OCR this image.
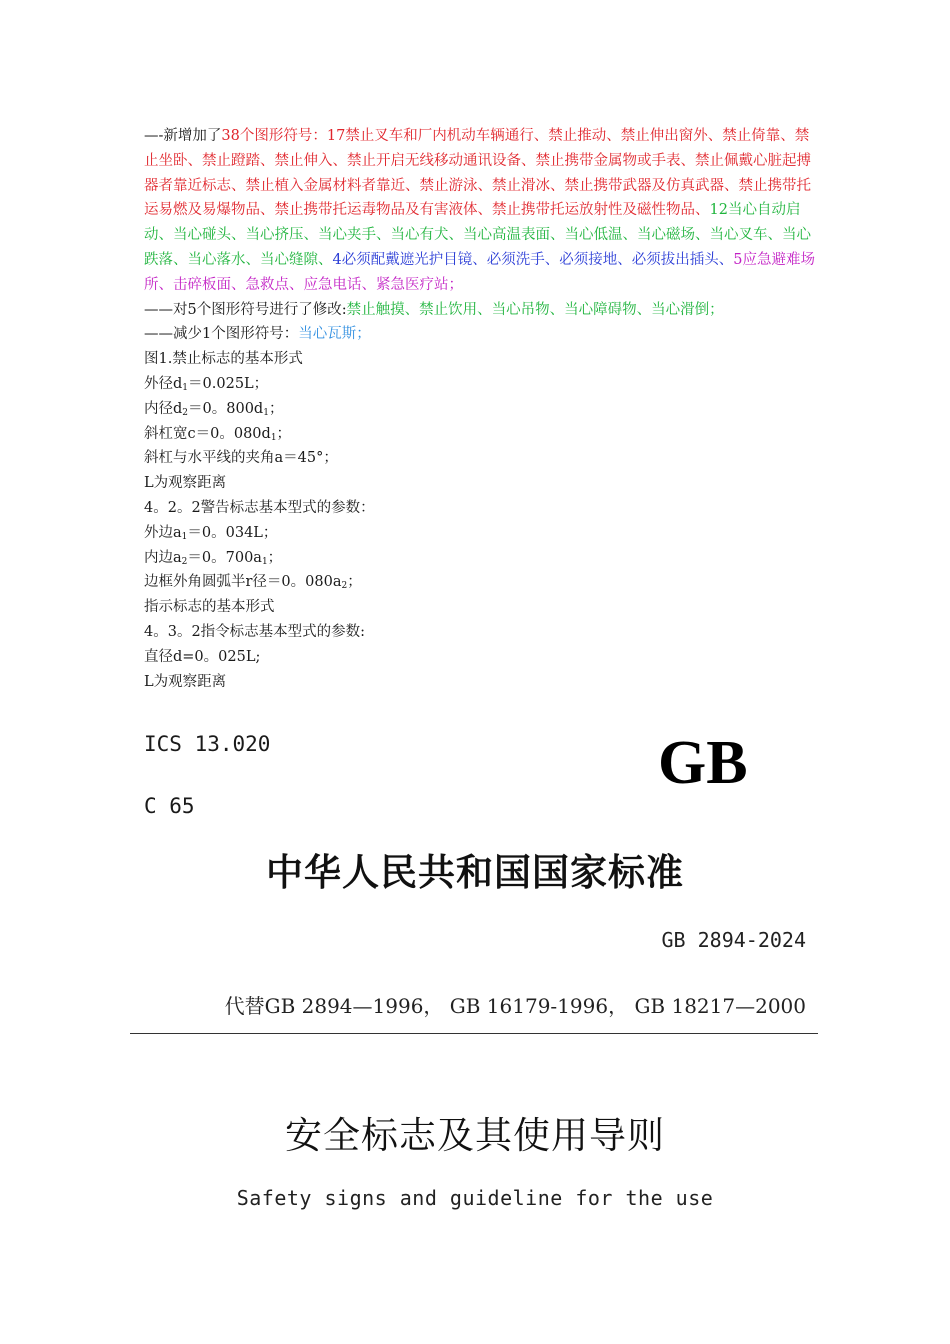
—-新增加了38个图形符号：17禁止叉车和厂内机动车辆通行、禁止推动、禁止伸出窗外、禁止倚靠、禁止坐卧、禁止蹬踏、禁止伸入、禁止开启无线移动通讯设备、禁止携带金属物或手表、禁止佩戴心脏起搏器者靠近标志、禁止植入金属材料者靠近、禁止游泳、禁止滑冰、禁止携带武器及仿真武器、禁止携带托运易燃及易爆物品、禁止携带托运毒物品及有害液体、禁止携带托运放射性及磁性物品、12当心自动启动、当心碰头、当心挤压、当心夹手、当心有犬、当心高温表面、当心低温、当心磁场、当心叉车、当心跌落、当心落水、当心缝隙、4必须配戴遮光护目镜、必须洗手、必须接地、必须拔出插头、5应急避难场所、击碎板面、急救点、应急电话、紧急医疗站；

——对5个图形符号进行了修改:禁止触摸、禁止饮用、当心吊物、当心障碍物、当心滑倒；

——减少1个图形符号：当心瓦斯；

图1.禁止标志的基本形式

外径$d_1=0.025L$；

内径$d_2=0$。$800d_1$；

斜杠宽c＝0。$080d_1$；

斜杠与水平线的夹角a＝45°；

L为观察距离

4。2。2警告标志基本型式的参数：

外边$a_1=0$。034L；

内边$a_2=0$。$700a_1$；

边框外角圆弧半r径＝0。$080a_2$；

指示标志的基本形式

4。3。2指令标志基本型式的参数:

直径d=0。025L;

L为观察距离

ICS 13.020	GB
C 65
中华人民共和国国家标准
GB 2894-2024
代替GB 2894—1996， GB 16179-1996， GB 18217—2000
安全标志及其使用导则
Safety signs and guideline for the use
